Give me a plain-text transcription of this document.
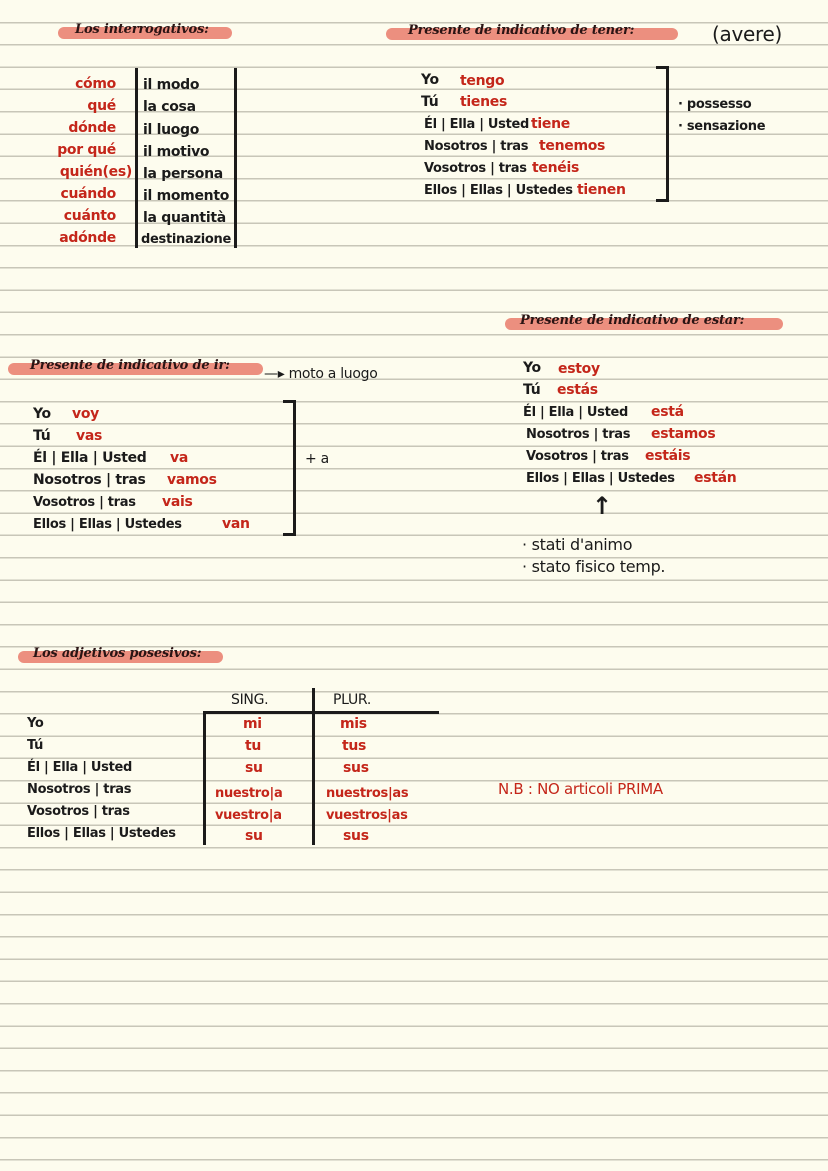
Los interrogativos:
cómo il modo
qué la cosa
dónde il luogo
por qué il motivo
quién(es) la persona
cuándo il momento
cuánto la quantità
adónde destinazione
Presente de indicativo de tener:	(avere)
Yo tengo
Tú tienes
Él | Ella | Usted tiene
Nosotros | tras tenemos
Vosotros | tras tenéis
Ellos | Ellas | Ustedes tienen
· possesso
· sensazione
Presente de indicativo de estar:
Yo estoy
Tú estás
Él | Ella | Usted está
Nosotros | tras estamos
Vosotros | tras estáis
Ellos | Ellas | Ustedes están
↑
· stati d'animo
· stato fisico temp.
Presente de indicativo de ir:
—▸ moto a luogo
Yo voy
Tú vas
Él | Ella | Usted va
Nosotros | tras vamos
Vosotros | tras vais
Ellos | Ellas | Ustedes	van
+ a
Los adjetivos posesivos:
SING.	PLUR.
Yo	mi	mis
Tú	tu	tus
Él | Ella | Usted	su	sus
Nosotros | tras	nuestro|a	nuestros|as
Vosotros | tras	vuestro|a	vuestros|as
Ellos | Ellas | Ustedes	su	sus
N.B : NO articoli PRIMA
